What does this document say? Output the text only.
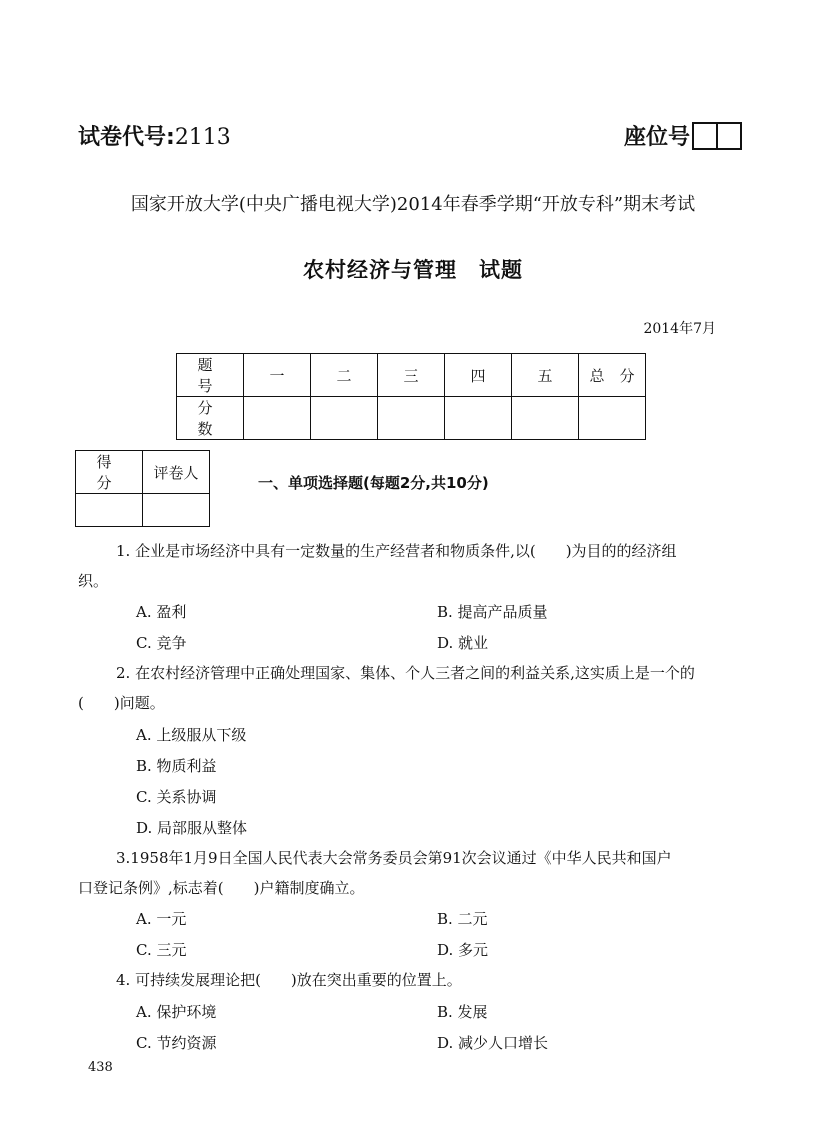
试卷代号:2113	座位号
国家开放大学(中央广播电视大学)2014年春季学期“开放专科”期末考试
农村经济与管理　试题
2014年7月
题　号	一	二	三	四	五	总　分
分　数						
得　分	评卷人

一、单项选择题(每题2分,共10分)
1. 企业是市场经济中具有一定数量的生产经营者和物质条件,以(　　)为目的的经济组
织。
A. 盈利	B. 提高产品质量
C. 竞争	D. 就业
2. 在农村经济管理中正确处理国家、集体、个人三者之间的利益关系,这实质上是一个的
(　　)问题。
A. 上级服从下级
B. 物质利益
C. 关系协调
D. 局部服从整体
3.1958年1月9日全国人民代表大会常务委员会第91次会议通过《中华人民共和国户
口登记条例》,标志着(　　)户籍制度确立。
A. 一元	B. 二元
C. 三元	D. 多元
4. 可持续发展理论把(　　)放在突出重要的位置上。
A. 保护环境	B. 发展
C. 节约资源	D. 减少人口增长
438
